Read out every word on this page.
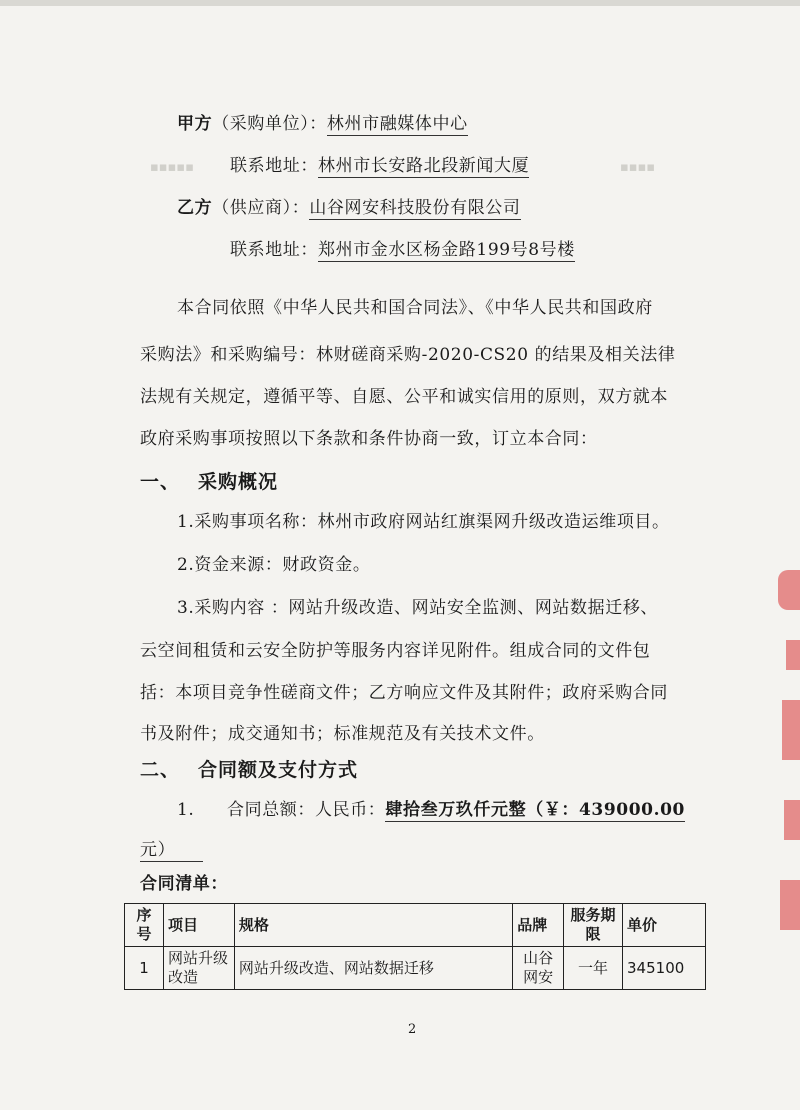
▪▪▪▪▪	▪▪▪▪
甲方（采购单位）：林州市融媒体中心
联系地址：林州市长安路北段新闻大厦
乙方（供应商）：山谷网安科技股份有限公司
联系地址：郑州市金水区杨金路199号8号楼
本合同依照《中华人民共和国合同法》、《中华人民共和国政府
采购法》和采购编号：林财磋商采购-2020-CS20 的结果及相关法律
法规有关规定，遵循平等、自愿、公平和诚实信用的原则，双方就本
政府采购事项按照以下条款和条件协商一致，订立本合同：
一、 采购概况
1.采购事项名称：林州市政府网站红旗渠网升级改造运维项目。
2.资金来源：财政资金。
3.采购内容 ：网站升级改造、网站安全监测、网站数据迁移、
云空间租赁和云安全防护等服务内容详见附件。组成合同的文件包
括：本项目竞争性磋商文件；乙方响应文件及其附件；政府采购合同
书及附件；成交通知书；标准规范及有关技术文件。
二、 合同额及支付方式
1. 合同总额：人民币：肆拾叁万玖仟元整（￥：439000.00
元）
合同清单：
序号	项目	规格	品牌	服务期限	单价
1	网站升级改造	网站升级改造、网站数据迁移	山谷网安	一年	345100
2
